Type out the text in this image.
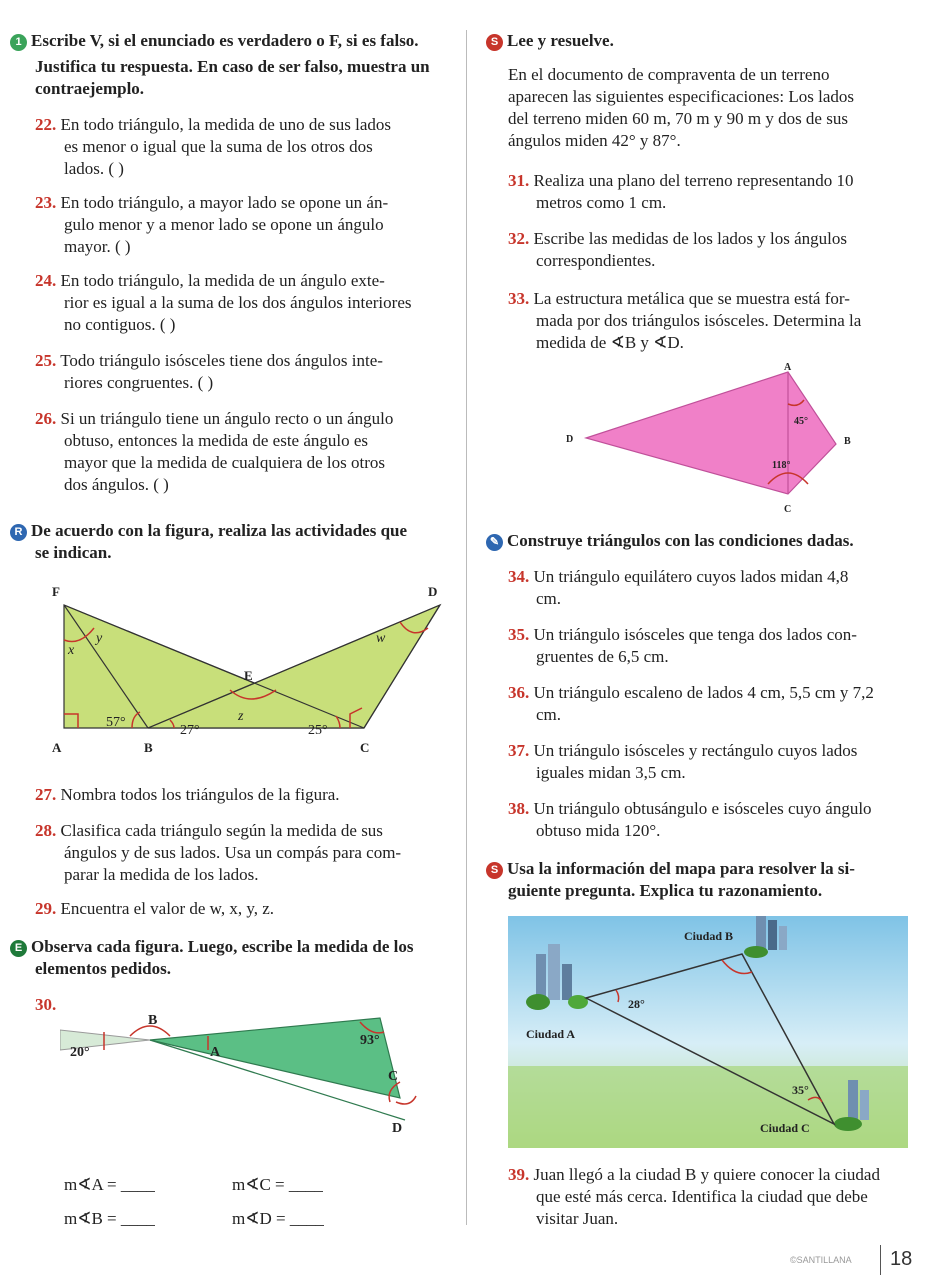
1 Escribe V, si el enunciado es verdadero o F, si es falso.
Justifica tu respuesta. En caso de ser falso, muestra un contraejemplo.
22. En todo triángulo, la medida de uno de sus lados
es menor o igual que la suma de los otros dos
lados. ( )
23. En todo triángulo, a mayor lado se opone un án-
gulo menor y a menor lado se opone un ángulo
mayor. ( )
24. En todo triángulo, la medida de un ángulo exte-
rior es igual a la suma de los dos ángulos interiores
no contiguos. ( )
25. Todo triángulo isósceles tiene dos ángulos inte-
riores congruentes. ( )
26. Si un triángulo tiene un ángulo recto o un ángulo
obtuso, entonces la medida de este ángulo es
mayor que la medida de cualquiera de los otros
dos ángulos. ( )
R De acuerdo con la figura, realiza las actividades que
se indican.
F	D
E
A	B	C
y
x
w
z
57°
27°	25°
27. Nombra todos los triángulos de la figura.
28. Clasifica cada triángulo según la medida de sus
ángulos y de sus lados. Usa un compás para com-
parar la medida de los lados.
29. Encuentra el valor de w, x, y, z.
E Observa cada figura. Luego, escribe la medida de los
elementos pedidos.
30.
B
A
C
D
20°
93°
m∢A = ____	m∢C = ____
m∢B = ____	m∢D = ____
S Lee y resuelve.
En el documento de compraventa de un terreno
aparecen las siguientes especificaciones: Los lados
del terreno miden 60 m, 70 m y 90 m y dos de sus
ángulos miden 42° y 87°.
31. Realiza una plano del terreno representando 10
metros como 1 cm.
32. Escribe las medidas de los lados y los ángulos
correspondientes.
33. La estructura metálica que se muestra está for-
mada por dos triángulos isósceles. Determina la
medida de ∢B y ∢D.
A
B
C
D
45°
118°
✎ Construye triángulos con las condiciones dadas.
34. Un triángulo equilátero cuyos lados midan 4,8
cm.
35. Un triángulo isósceles que tenga dos lados con-
gruentes de 6,5 cm.
36. Un triángulo escaleno de lados 4 cm, 5,5 cm y 7,2
cm.
37. Un triángulo isósceles y rectángulo cuyos lados
iguales midan 3,5 cm.
38. Un triángulo obtusángulo e isósceles cuyo ángulo
obtuso mida 120°.
S Usa la información del mapa para resolver la si-
guiente pregunta. Explica tu razonamiento.
Ciudad B
Ciudad A
Ciudad C
28°
35°
39. Juan llegó a la ciudad B y quiere conocer la ciudad
que esté más cerca. Identifica la ciudad que debe
visitar Juan.
©SANTILLANA 18
